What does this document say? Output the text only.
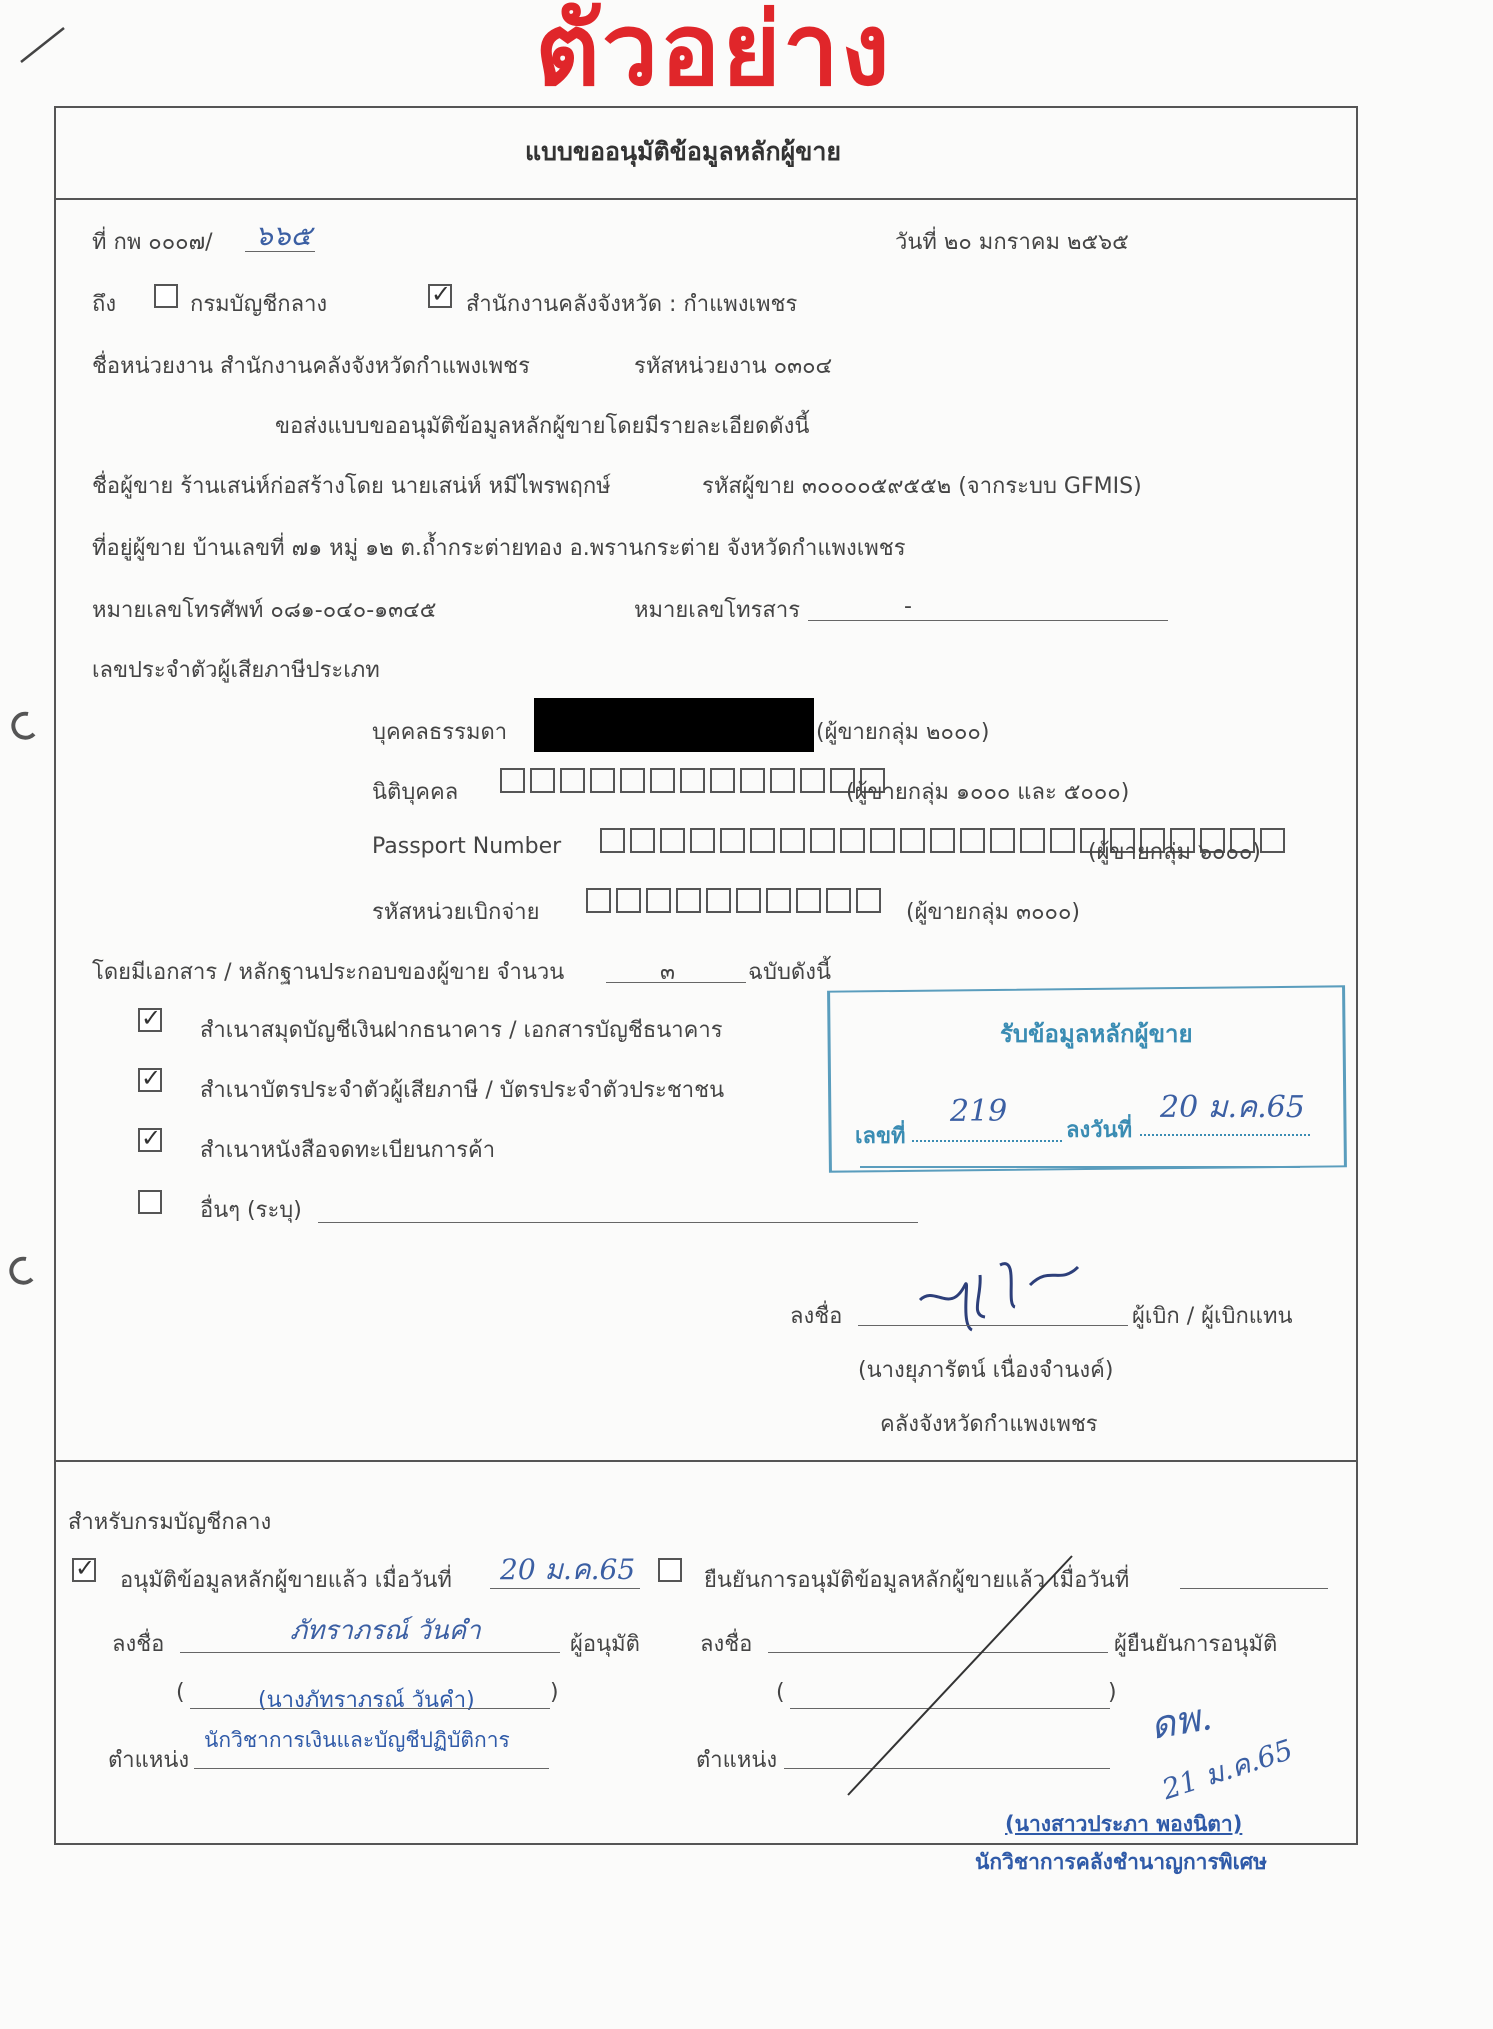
ตัวอย่าง
แบบขออนุมัติข้อมูลหลักผู้ขาย
ที่ กพ ๐๐๐๗/ ๖๖๕	วันที่ ๒๐ มกราคม ๒๕๖๕
ถึง	กรมบัญชีกลาง
✓	สำนักงานคลังจังหวัด : กำแพงเพชร
ชื่อหน่วยงาน สำนักงานคลังจังหวัดกำแพงเพชร	รหัสหน่วยงาน ๐๓๐๔
ขอส่งแบบขออนุมัติข้อมูลหลักผู้ขายโดยมีรายละเอียดดังนี้
ชื่อผู้ขาย ร้านเสน่ห์ก่อสร้างโดย นายเสน่ห์ หมีไพรพฤกษ์	รหัสผู้ขาย ๓๐๐๐๐๕๙๕๕๒ (จากระบบ GFMIS)
ที่อยู่ผู้ขาย บ้านเลขที่ ๗๑ หมู่ ๑๒ ต.ถ้ำกระต่ายทอง อ.พรานกระต่าย จังหวัดกำแพงเพชร
หมายเลขโทรศัพท์ ๐๘๑-๐๔๐-๑๓๔๕	หมายเลขโทรสาร	-
เลขประจำตัวผู้เสียภาษีประเภท
บุคคลธรรมดา	(ผู้ขายกลุ่ม ๒๐๐๐)
นิติบุคคล	(ผู้ขายกลุ่ม ๑๐๐๐ และ ๕๐๐๐)
Passport Number	(ผู้ขายกลุ่ม ๖๐๐๐)
รหัสหน่วยเบิกจ่าย	(ผู้ขายกลุ่ม ๓๐๐๐)
โดยมีเอกสาร / หลักฐานประกอบของผู้ขาย จำนวน	๓	ฉบับดังนี้
✓
สำเนาสมุดบัญชีเงินฝากธนาคาร / เอกสารบัญชีธนาคาร
✓
สำเนาบัตรประจำตัวผู้เสียภาษี / บัตรประจำตัวประชาชน
✓
สำเนาหนังสือจดทะเบียนการค้า
อื่นๆ (ระบุ)
รับข้อมูลหลักผู้ขาย
เลขที่
219
ลงวันที่
20 ม.ค.65
ลงชื่อ	ผู้เบิก / ผู้เบิกแทน
(นางยุภารัตน์ เนื่องจำนงค์)
คลังจังหวัดกำแพงเพชร
สำหรับกรมบัญชีกลาง
✓
อนุมัติข้อมูลหลักผู้ขายแล้ว เมื่อวันที่ 20 ม.ค.65	ยืนยันการอนุมัติข้อมูลหลักผู้ขายแล้ว เมื่อวันที่
ลงชื่อ	ภัทราภรณ์ วันคำ	ผู้อนุมัติ	ลงชื่อ	ผู้ยืนยันการอนุมัติ
(	(นางภัทราภรณ์ วันคำ)	)	(	)
ตำแหน่ง
นักวิชาการเงินและบัญชีปฏิบัติการ
ตำแหน่ง
ดพ.
21 ม.ค.65
(นางสาวประภา พองนิตา)
นักวิชาการคลังชำนาญการพิเศษ
